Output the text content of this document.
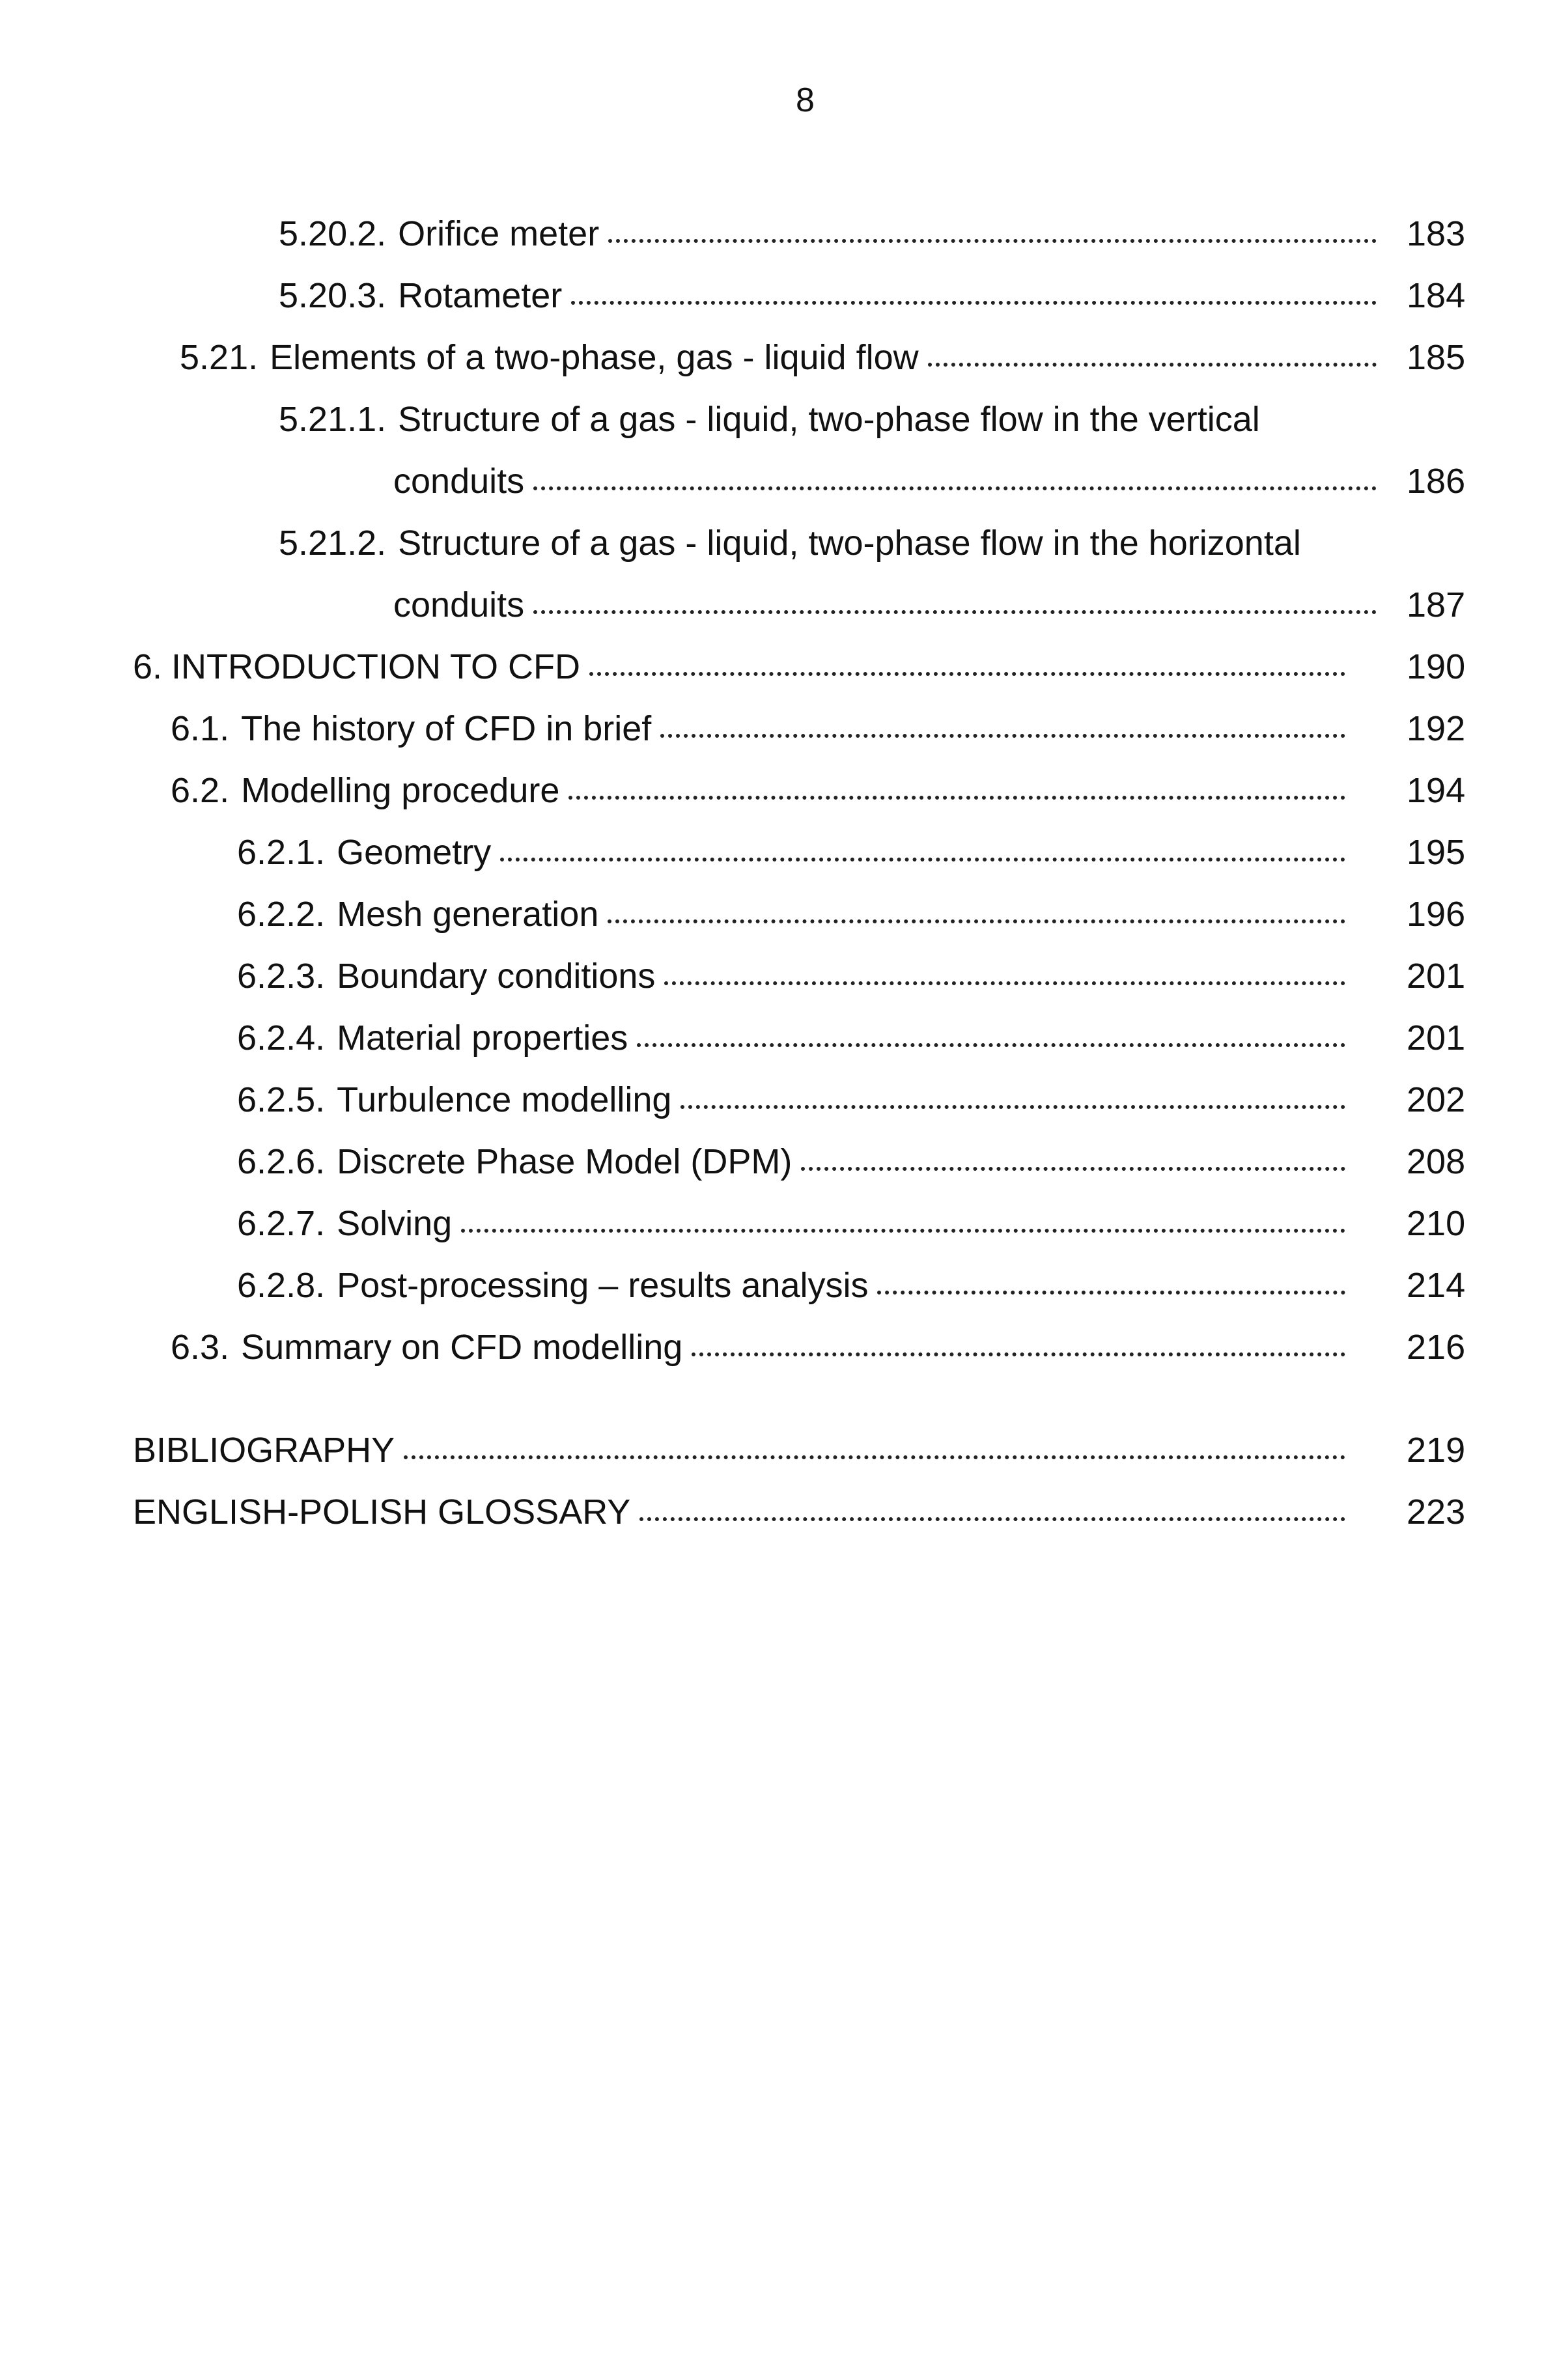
8
5.20.2. Orifice meter	183
5.20.3. Rotameter	184
5.21. Elements of a two-phase, gas - liquid flow	185
5.21.1. Structure of a gas - liquid, two-phase flow in the vertical
conduits	186
5.21.2. Structure of a gas - liquid, two-phase flow in the horizontal
conduits	187
6. INTRODUCTION TO CFD	190
6.1. The history of CFD in brief	192
6.2. Modelling procedure	194
6.2.1. Geometry	195
6.2.2. Mesh generation	196
6.2.3. Boundary conditions	201
6.2.4. Material properties	201
6.2.5. Turbulence modelling	202
6.2.6. Discrete Phase Model (DPM)	208
6.2.7. Solving	210
6.2.8. Post-processing – results analysis	214
6.3. Summary on CFD modelling	216
BIBLIOGRAPHY	219
ENGLISH-POLISH GLOSSARY	223
